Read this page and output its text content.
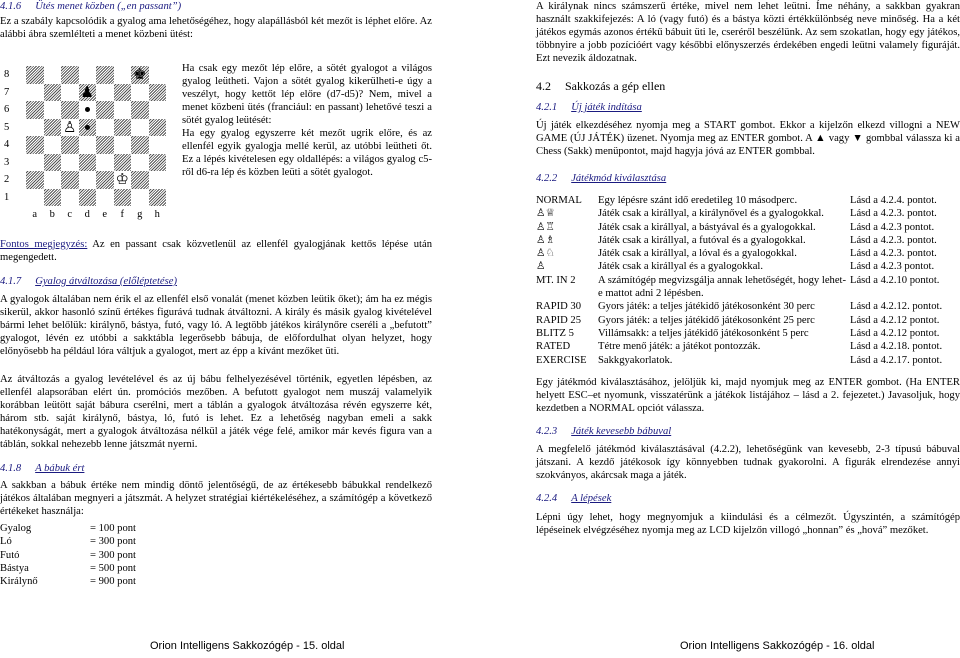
4.1.6 Ütés menet közben („en passant”)

Ez a szabály kapcsolódik a gyalog ama lehetőségéhez, hogy alapállásból két mezőt is léphet előre. Az alábbi ábra szemlélteti a menet közbeni ütést:

8
7
6
5
4
3
2
1
♚
♟
♙
♔
a	b	c	d	e	f	g	h

Ha csak egy mezőt lép előre, a sötét gyalogot a világos gyalog leütheti. Vajon a sötét gyalog kikerülheti-e úgy a veszélyt, hogy kettőt lép előre (d7-d5)? Nem, mivel a menet közbeni ütés (franciául: en passant) lehetővé teszi a sötét gyalog leütését:
Ha egy gyalog egyszerre két mezőt ugrik előre, és az ellenfél egyik gyalogja mellé kerül, az utóbbi leütheti őt. Ez a lépés kivételesen egy oldallépés: a világos gyalog c5-ről d6-ra lép és közben leüti a sötét gyalogot.

Fontos megjegyzés: Az en passant csak közvetlenül az ellenfél gyalogjának kettős lépése után megengedett.

4.1.7 Gyalog átváltozása (előléptetése)

A gyalogok általában nem érik el az ellenfél első vonalát (menet közben leütik őket); ám ha ez mégis sikerül, akkor hasonló színű értékes figurává tudnak átváltozni. A király és másik gyalog kivételével bármi lehet belőlük: királynő, bástya, futó, vagy ló. A legtöbb játékos királynőre cseréli a „befutott” gyalogot, lévén ez utóbbi a sakktábla legerősebb bábuja, de előfordulhat olyan helyzet, hogy előnyösebb ha például lóra váltjuk a gyalogot, mert az épp a kívánt mezőket üti.

Az átváltozás a gyalog levételével és az új bábu felhelyezésével történik, egyetlen lépésben, az ellenfél alapsorában elért ún. promóciós mezőben. A befutott gyalogot nem muszáj valamelyik korábban leütött saját bábura cserélni, mert a táblán a gyalogok átváltozása révén egyszerre két, három stb. saját királynő, bástya, ló, futó is lehet. Ez a lehetőség nagyban emeli a sakk hatékonyságát, mert a gyalogok átváltozása nélkül a játék vége felé, amikor már kevés figura van a táblán, sokkal nehezebb lenne játszmát nyerni.

4.1.8 A bábuk ért

A sakkban a bábuk értéke nem mindig döntő jelentőségű, de az értékesebb bábukkal rendelkező játékos általában megnyeri a játszmát. A helyzet stratégiai kiértékeléséhez, a számítógép a következő értékeket használja:

Gyalog	= 100 pont
Ló	= 300 pont
Futó	= 300 pont
Bástya	= 500 pont
Királynő	= 900 pont
Orion Intelligens Sakkozógép - 15. oldal

A királynak nincs számszerű értéke, mivel nem lehet leütni. Íme néhány, a sakkban gyakran használt szakkifejezés: A ló (vagy futó) és a bástya közti értékkülönbség neve minőség. Ha a két játékos egymás azonos értékű bábuit üti le, cseréről beszélünk. Az sem szokatlan, hogy egy játékos, többnyire a jobb pozícióért vagy későbbi előnyszerzés érdekében engedi leütni valamely figuráját. Ezt nevezik áldozatnak.

4.2 Sakkozás a gép ellen
4.2.1 Új játék indítása

Új játék elkezdéséhez nyomja meg a START gombot. Ekkor a kijelzőn elkezd villogni a NEW GAME (ÚJ JÁTÉK) üzenet. Nyomja meg az ENTER gombot. A ▲ vagy ▼ gombbal válassza ki a Chess (Sakk) menüpontot, majd hagyja jóvá az ENTER gombbal.

4.2.2 Játékmód kiválasztása
NORMAL	Egy lépésre szánt idő eredetileg 10 másodperc.	Lásd a 4.2.4. pontot.
♙♕	Játék csak a királlyal, a királynővel és a gyalogokkal.	Lásd a 4.2.3. pontot.
♙♖	Játék csak a királlyal, a bástyával és a gyalogokkal.	Lásd a 4.2.3 pontot.
♙♗	Játék csak a királlyal, a futóval és a gyalogokkal.	Lásd a 4.2.3. pontot.
♙♘	Játék csak a királlyal, a lóval és a gyalogokkal.	Lásd a 4.2.3. pontot.
♙	Játék csak a királlyal és a gyalogokkal.	Lásd a 4.2.3 pontot.
MT. IN 2	A számítógép megvizsgálja annak lehetőségét, hogy lehet-e mattot adni 2 lépésben.
Lásd a 4.2.10 pontot.
RAPID 30	Gyors játék: a teljes játékidő játékosonként 30 perc	Lásd a 4.2.12. pontot.
RAPID 25	Gyors játék: a teljes játékidő játékosonként 25 perc	Lásd a 4.2.12 pontot.
BLITZ 5	Villámsakk: a teljes játékidő játékosonként 5 perc	Lásd a 4.2.12 pontot.
RATED	Tétre menő játék: a játékot pontozzák.	Lásd a 4.2.18. pontot.
EXERCISE	Sakkgyakorlatok.	Lásd a 4.2.17. pontot.

Egy játékmód kiválasztásához, jelöljük ki, majd nyomjuk meg az ENTER gombot. (Ha ENTER helyett ESC–et nyomunk, visszatérünk a játékok listájához – lásd a 2. fejezetet.) Javasoljuk, hogy kezdetben a NORMAL opciót válassza.

4.2.3 Játék kevesebb bábuval

A megfelelő játékmód kiválasztásával (4.2.2), lehetőségünk van kevesebb, 2-3 típusú bábuval játszani. A kezdő játékosok így könnyebben tudnak gyakorolni. A figurák elrendezése annyi szokványos, akárcsak maga a játék.

4.2.4 A lépések

Lépni úgy lehet, hogy megnyomjuk a kiindulási és a célmezőt. Úgyszintén, a számítógép lépéseinek elvégzéséhez nyomja meg az LCD kijelzőn villogó „honnan” és „hová” mezőket.

Orion Intelligens Sakkozógép - 16. oldal
